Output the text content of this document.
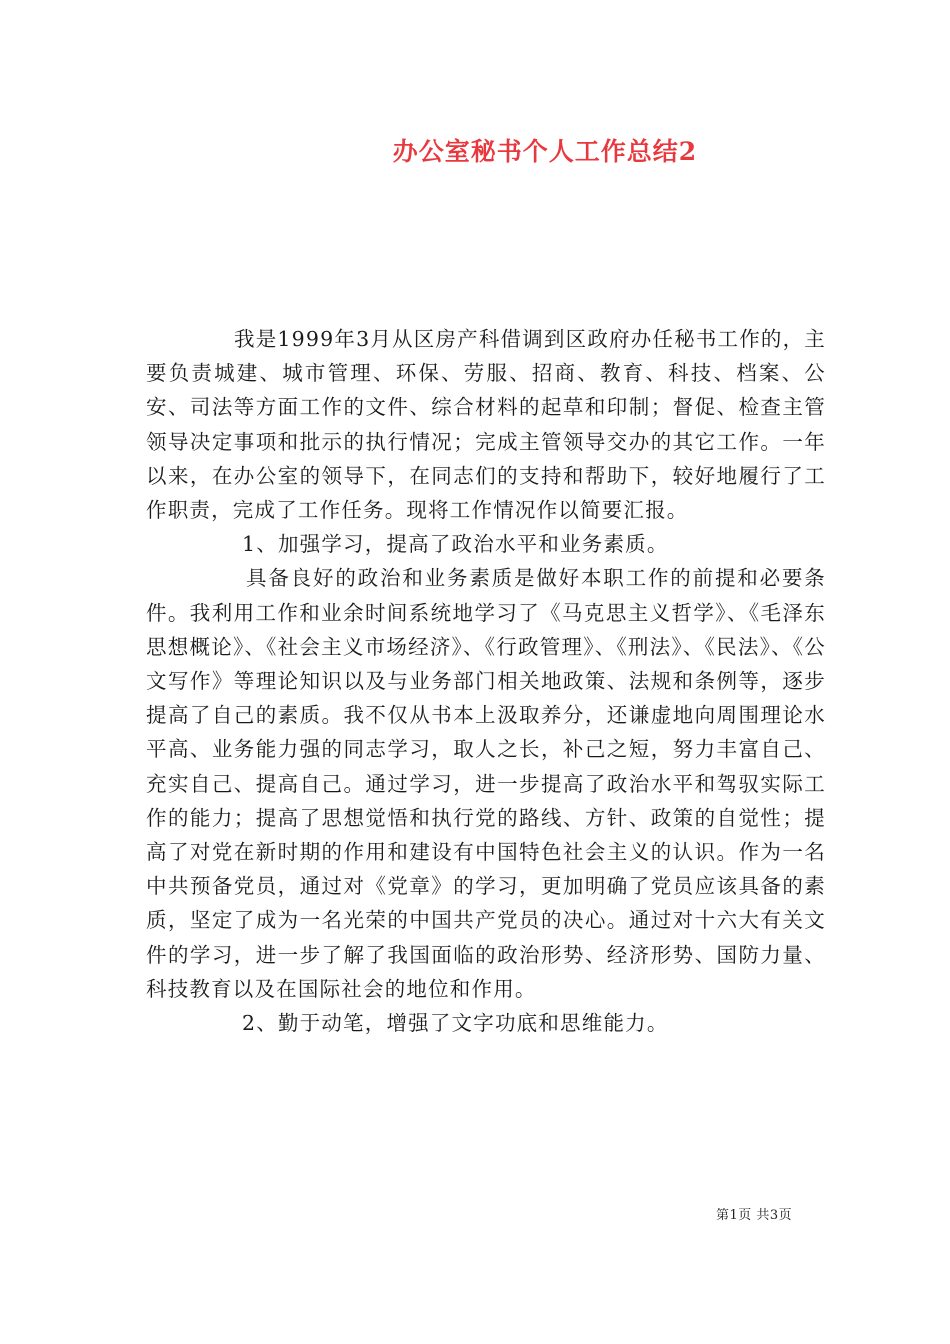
办公室秘书个人工作总结2

我是1999年3月从区房产科借调到区政府办任秘书工作的，主要负责城建、城市管理、环保、劳服、招商、教育、科技、档案、公安、司法等方面工作的文件、综合材料的起草和印制；督促、检查主管领导决定事项和批示的执行情况；完成主管领导交办的其它工作。一年以来，在办公室的领导下，在同志们的支持和帮助下，较好地履行了工作职责，完成了工作任务。现将工作情况作以简要汇报。

1、加强学习，提高了政治水平和业务素质。

具备良好的政治和业务素质是做好本职工作的前提和必要条件。我利用工作和业余时间系统地学习了《马克思主义哲学》、《毛泽东思想概论》、《社会主义市场经济》、《行政管理》、《刑法》、《民法》、《公文写作》等理论知识以及与业务部门相关地政策、法规和条例等，逐步提高了自己的素质。我不仅从书本上汲取养分，还谦虚地向周围理论水平高、业务能力强的同志学习，取人之长，补己之短，努力丰富自己、充实自己、提高自己。通过学习，进一步提高了政治水平和驾驭实际工作的能力；提高了思想觉悟和执行党的路线、方针、政策的自觉性；提高了对党在新时期的作用和建设有中国特色社会主义的认识。作为一名中共预备党员，通过对《党章》的学习，更加明确了党员应该具备的素质，坚定了成为一名光荣的中国共产党员的决心。通过对十六大有关文件的学习，进一步了解了我国面临的政治形势、经济形势、国防力量、科技教育以及在国际社会的地位和作用。

2、勤于动笔，增强了文字功底和思维能力。

第1页 共3页
